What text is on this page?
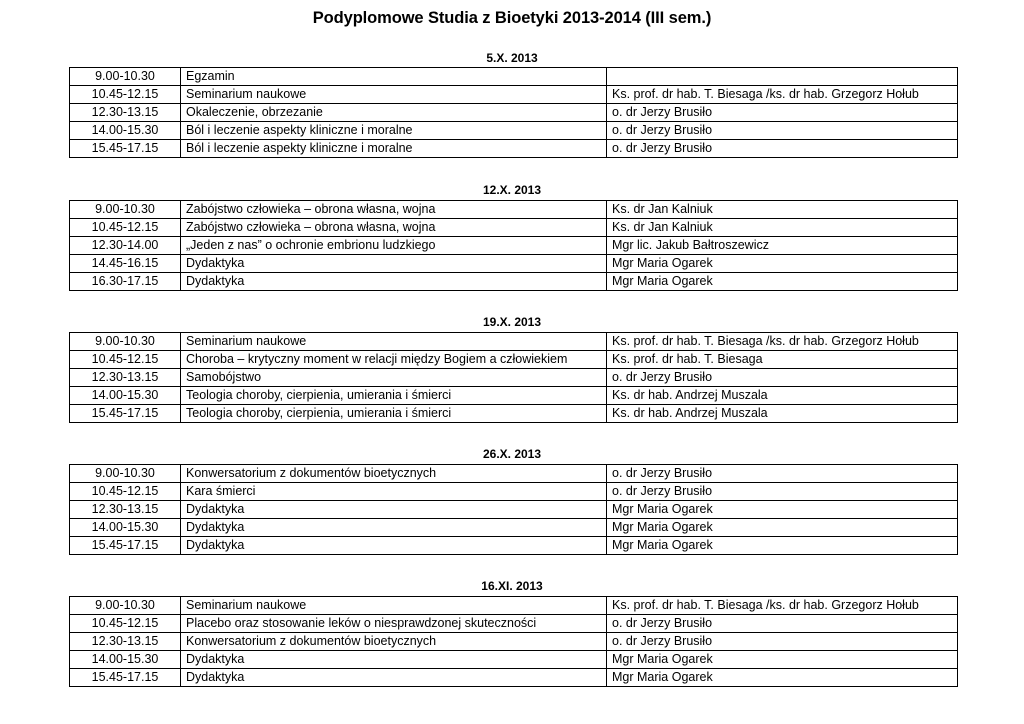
Podyplomowe Studia z Bioetyki 2013-2014 (III sem.)
5.X. 2013
9.00-10.30	Egzamin	
10.45-12.15	Seminarium naukowe	Ks. prof. dr hab. T. Biesaga /ks. dr hab. Grzegorz Hołub
12.30-13.15	Okaleczenie, obrzezanie	o. dr Jerzy Brusiło
14.00-15.30	Ból i leczenie aspekty kliniczne i moralne	o. dr Jerzy Brusiło
15.45-17.15	Ból i leczenie aspekty kliniczne i moralne	o. dr Jerzy Brusiło
12.X. 2013
9.00-10.30	Zabójstwo człowieka – obrona własna, wojna	Ks. dr Jan Kalniuk
10.45-12.15	Zabójstwo człowieka – obrona własna, wojna	Ks. dr Jan Kalniuk
12.30-14.00	„Jeden z nas” o ochronie embrionu ludzkiego	Mgr lic. Jakub Bałtroszewicz
14.45-16.15	Dydaktyka	Mgr Maria Ogarek
16.30-17.15	Dydaktyka	Mgr Maria Ogarek
19.X. 2013
9.00-10.30	Seminarium naukowe	Ks. prof. dr hab. T. Biesaga /ks. dr hab. Grzegorz Hołub
10.45-12.15	Choroba – krytyczny moment w relacji między Bogiem a człowiekiem	Ks. prof. dr hab. T. Biesaga
12.30-13.15	Samobójstwo	o. dr Jerzy Brusiło
14.00-15.30	Teologia choroby, cierpienia, umierania i śmierci	Ks. dr hab. Andrzej Muszala
15.45-17.15	Teologia choroby, cierpienia, umierania i śmierci	Ks. dr hab. Andrzej Muszala
26.X. 2013
9.00-10.30	Konwersatorium z dokumentów bioetycznych	o. dr Jerzy Brusiło
10.45-12.15	Kara śmierci	o. dr Jerzy Brusiło
12.30-13.15	Dydaktyka	Mgr Maria Ogarek
14.00-15.30	Dydaktyka	Mgr Maria Ogarek
15.45-17.15	Dydaktyka	Mgr Maria Ogarek
16.XI. 2013
9.00-10.30	Seminarium naukowe	Ks. prof. dr hab. T. Biesaga /ks. dr hab. Grzegorz Hołub
10.45-12.15	Placebo oraz stosowanie leków o niesprawdzonej skuteczności	o. dr Jerzy Brusiło
12.30-13.15	Konwersatorium z dokumentów bioetycznych	o. dr Jerzy Brusiło
14.00-15.30	Dydaktyka	Mgr Maria Ogarek
15.45-17.15	Dydaktyka	Mgr Maria Ogarek
